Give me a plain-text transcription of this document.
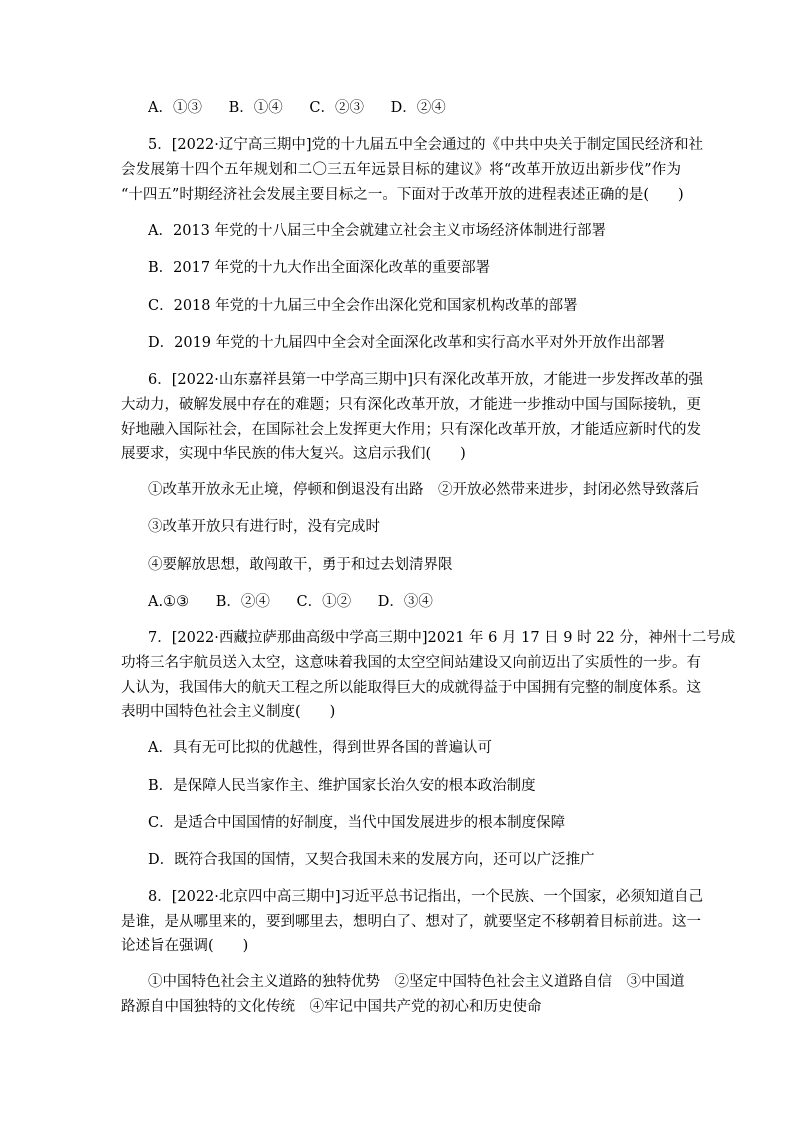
A．①③ B．①④ C．②③ D．②④
5．[2022·辽宁高三期中]党的十九届五中全会通过的《中共中央关于制定国民经济和社
会发展第十四个五年规划和二〇三五年远景目标的建议》将“改革开放迈出新步伐”作为
“十四五”时期经济社会发展主要目标之一。下面对于改革开放的进程表述正确的是(　　)
A．2013 年党的十八届三中全会就建立社会主义市场经济体制进行部署
B．2017 年党的十九大作出全面深化改革的重要部署
C．2018 年党的十九届三中全会作出深化党和国家机构改革的部署
D．2019 年党的十九届四中全会对全面深化改革和实行高水平对外开放作出部署
6．[2022·山东嘉祥县第一中学高三期中]只有深化改革开放，才能进一步发挥改革的强
大动力，破解发展中存在的难题；只有深化改革开放，才能进一步推动中国与国际接轨，更
好地融入国际社会，在国际社会上发挥更大作用；只有深化改革开放，才能适应新时代的发
展要求，实现中华民族的伟大复兴。这启示我们(　　)
①改革开放永无止境，停顿和倒退没有出路　②开放必然带来进步，封闭必然导致落后
③改革开放只有进行时，没有完成时
④要解放思想，敢闯敢干，勇于和过去划清界限
A.①③ B．②④ C．①② D．③④
7．[2022·西藏拉萨那曲高级中学高三期中]2021 年 6 月 17 日 9 时 22 分，神州十二号成
功将三名宇航员送入太空，这意味着我国的太空空间站建设又向前迈出了实质性的一步。有
人认为，我国伟大的航天工程之所以能取得巨大的成就得益于中国拥有完整的制度体系。这
表明中国特色社会主义制度(　　)
A．具有无可比拟的优越性，得到世界各国的普遍认可
B．是保障人民当家作主、维护国家长治久安的根本政治制度
C．是适合中国国情的好制度，当代中国发展进步的根本制度保障
D．既符合我国的国情，又契合我国未来的发展方向，还可以广泛推广
8．[2022·北京四中高三期中]习近平总书记指出，一个民族、一个国家，必须知道自己
是谁，是从哪里来的，要到哪里去，想明白了、想对了，就要坚定不移朝着目标前进。这一
论述旨在强调(　　)
①中国特色社会主义道路的独特优势　②坚定中国特色社会主义道路自信　③中国道
路源自中国独特的文化传统　④牢记中国共产党的初心和历史使命
